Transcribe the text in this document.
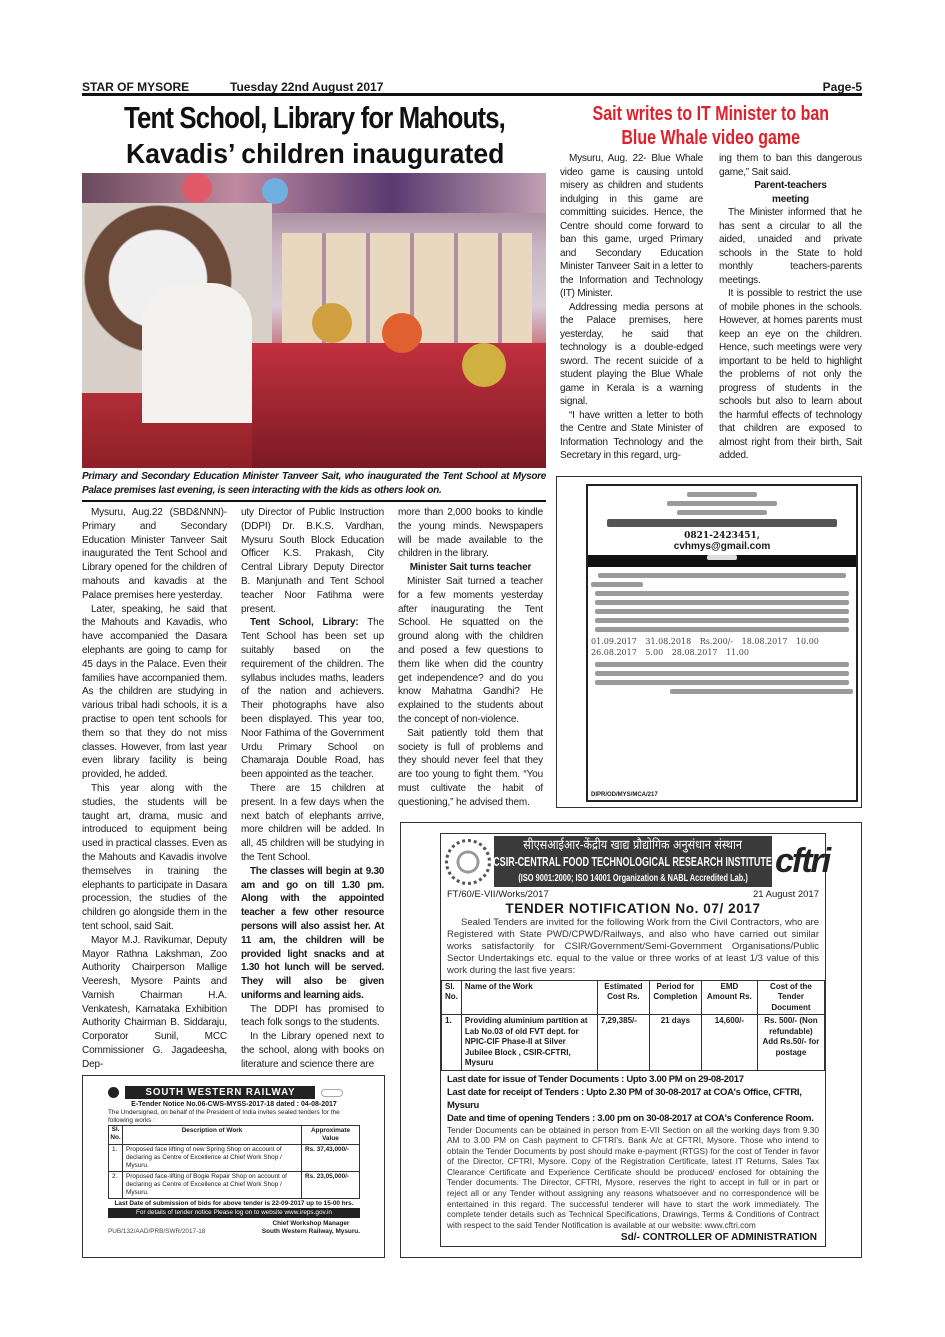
STAR OF MYSORE	Tuesday 22nd August 2017	Page-5
Tent School, Library for Mahouts,
Kavadis’ children inaugurated
Primary and Secondary Education Minister Tanveer Sait, who inaugurated the Tent School at Mysore Palace premises last evening, is seen interacting with the kids as others look on.

Mysuru, Aug.22 (SBD&NNN)- Primary and Secondary Education Minister Tanveer Sait inaugurated the Tent School and Library opened for the children of mahouts and kavadis at the Palace premises here yesterday.

Later, speaking, he said that the Mahouts and Kavadis, who have accompanied the Dasara elephants are going to camp for 45 days in the Palace. Even their families have accompanied them. As the children are studying in various tribal hadi schools, it is a practise to open tent schools for them so that they do not miss classes. However, from last year even library facility is being provided, he added.

This year along with the studies, the students will be taught art, drama, music and introduced to equipment being used in practical classes. Even as the Mahouts and Kavadis involve themselves in training the elephants to participate in Dasara procession, the studies of the children go alongside them in the tent school, said Sait.

Mayor M.J. Ravikumar, Deputy Mayor Rathna Lakshman, Zoo Authority Chairperson Mallige Veeresh, Mysore Paints and Varnish Chairman H.A. Venkatesh, Karnataka Exhibition Authority Chairman B. Siddaraju, Corporator Sunil, MCC Commissioner G. Jagadeesha, Dep-

uty Director of Public Instruction (DDPI) Dr. B.K.S. Vardhan, Mysuru South Block Education Officer K.S. Prakash, City Central Library Deputy Director B. Manjunath and Tent School teacher Noor Fatihma were present.

Tent School, Library: The Tent School has been set up suitably based on the requirement of the children. The syllabus includes maths, leaders of the nation and achievers. Their photographs have also been displayed. This year too, Noor Fathima of the Government Urdu Primary School on Chamaraja Double Road, has been appointed as the teacher.

There are 15 children at present. In a few days when the next batch of elephants arrive, more children will be added. In all, 45 children will be studying in the Tent School.

The classes will begin at 9.30 am and go on till 1.30 pm. Along with the appointed teacher a few other resource persons will also assist her. At 11 am, the children will be provided light snacks and at 1.30 hot lunch will be served. They will also be given uniforms and learning aids.

The DDPI has promised to teach folk songs to the students.

In the Library opened next to the school, along with books on literature and science there are

more than 2,000 books to kindle the young minds. Newspapers will be made available to the children in the library.

Minister Sait turns teacher

Minister Sait turned a teacher for a few moments yesterday after inaugurating the Tent School. He squatted on the ground along with the children and posed a few questions to them like when did the country get independence? and do you know Mahatma Gandhi? He explained to the students about the concept of non-violence.

Sait patiently told them that society is full of problems and they should never feel that they are too young to fight them. “You must cultivate the habit of questioning,” he advised them.

Sait writes to IT Minister to ban
Blue Whale video game

Mysuru, Aug. 22- Blue Whale video game is causing untold misery as children and students indulging in this game are committing suicides. Hence, the Centre should come forward to ban this game, urged Primary and Secondary Education Minister Tanveer Sait in a letter to the Information and Technology (IT) Minister.

Addressing media persons at the Palace premises, here yesterday, he said that technology is a double-edged sword. The recent suicide of a student playing the Blue Whale game in Kerala is a warning signal.

“I have written a letter to both the Centre and State Minister of Information Technology and the Secretary in this regard, urg-

ing them to ban this dangerous game,” Sait said.

Parent-teachers meeting

The Minister informed that he has sent a circular to all the aided, unaided and private schools in the State to hold monthly teachers-parents meetings.

It is possible to restrict the use of mobile phones in the schools. However, at homes parents must keep an eye on the children. Hence, such meetings were very important to be held to highlight the problems of not only the progress of students in the schools but also to learn about the harmful effects of technology that children are exposed to almost right from their birth, Sait added.

0821-2423451,
cvhmys@gmail.com
01.09.2017 31.08.2018 Rs.200/- 18.08.2017 10.00 26.08.2017 5.00 28.08.2017 11.00
DIPR/OD/MYS/MCA/217
सीएसआईआर-केंद्रीय खाद्य प्रौद्योगिक अनुसंधान संस्थान
CSIR-CENTRAL FOOD TECHNOLOGICAL RESEARCH INSTITUTE
(ISO 9001:2000; ISO 14001 Organization & NABL Accredited Lab.) cftri
FT/60/E-VII/Works/2017	21 August 2017
TENDER NOTIFICATION No. 07/ 2017
Sealed Tenders are invited for the following Work from the Civil Contractors, who are Registered with State PWD/CPWD/Railways, and also who have carried out similar works satisfactorily for CSIR/Government/Semi-Government Organisations/Public Sector Undertakings etc. equal to the value or three works of at least 1/3 value of this work during the last five years:
Sl. No.	Name of the Work	Estimated Cost Rs.	Period for Completion	EMD Amount Rs.	Cost of the Tender Document
1.	Providing aluminium partition at Lab No.03 of old FVT dept. for NPIC-CIF Phase-II at Silver Jubilee Block , CSIR-CFTRI, Mysuru	7,29,385/-	21 days	14,600/-	Rs. 500/- (Non refundable) Add Rs.50/- for postage
Last date for issue of Tender Documents : Upto 3.00 PM on 29-08-2017
Last date for receipt of Tenders : Upto 2.30 PM of 30-08-2017 at COA's Office, CFTRI, Mysuru
Date and time of opening Tenders : 3.00 pm on 30-08-2017 at COA's Conference Room.
Tender Documents can be obtained in person from E-VII Section on all the working days from 9.30 AM to 3.00 PM on Cash payment to CFTRI's. Bank A/c at CFTRI, Mysore. Those who intend to obtain the Tender Documents by post should make e-payment (RTGS) for the cost of Tender in favor of the Director, CFTRI, Mysore. Copy of the Registration Certificate, latest IT Returns, Sales Tax Clearance Certificate and Experience Certificate should be produced/ enclosed for obtaining the Tender documents. The Director, CFTRI, Mysore, reserves the right to accept in full or in part or reject all or any Tender without assigning any reasons whatsoever and no correspondence will be entertained in this regard. The successful tenderer will have to start the work immediately. The complete tender details such as Technical Specifications, Drawings, Terms & Conditions of Contract with respect to the said Tender Notification is available at our website: www.cftri.com
Sd/- CONTROLLER OF ADMINISTRATION
SOUTH WESTERN RAILWAY
E-Tender Notice No.06-CWS-MYSS-2017-18 dated : 04-08-2017
The Undersigned, on behalf of the President of India invites sealed tenders for the following works :
Sl. No.	Description of Work	Approximate Value
1.	Proposed face lifting of new Spring Shop on account of declaring as Centre of Excellence at Chief Work Shop / Mysuru.	Rs. 37,43,000/-
2.	Proposed face-lifting of Bogie Repair Shop on account of declaring as Centre of Excellence at Chief Work Shop / Mysuru.	Rs. 23,05,000/-
Last Date of submission of bids for above tender is 22-09-2017 up to 15-00 hrs.
For details of tender notice Please log on to website www.ireps.gov.in
PUB/132/AAD/PRB/SWR/2017-18
Chief Workshop Manager
South Western Railway, Mysuru.
